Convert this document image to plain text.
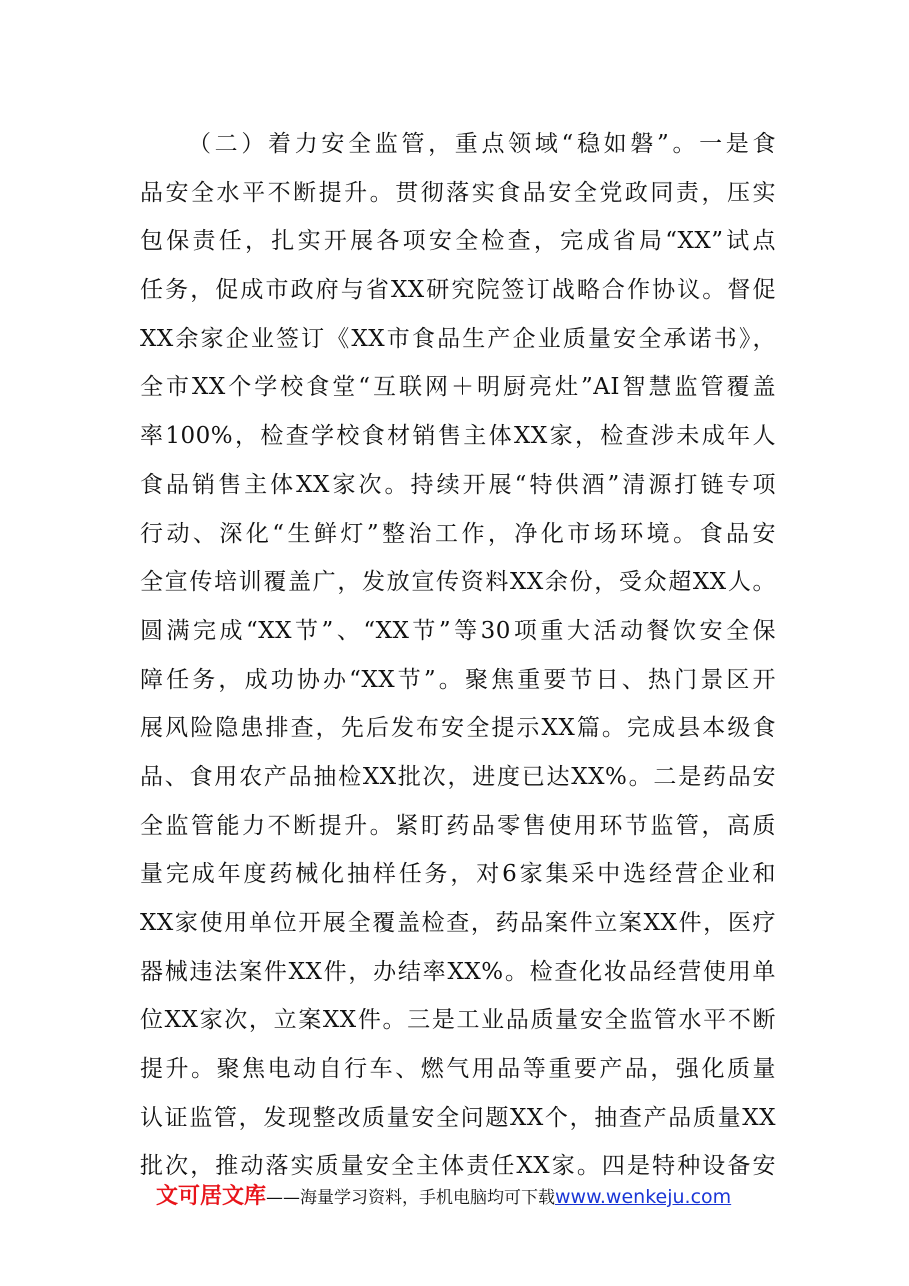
（二）着力安全监管，重点领域“稳如磐”。一是食
品安全水平不断提升。贯彻落实食品安全党政同责，压实
包保责任，扎实开展各项安全检查，完成省局“XX”试点
任务，促成市政府与省XX研究院签订战略合作协议。督促
XX余家企业签订《XX市食品生产企业质量安全承诺书》，
全市XX个学校食堂“互联网＋明厨亮灶”AI智慧监管覆盖
率100%，检查学校食材销售主体XX家，检查涉未成年人
食品销售主体XX家次。持续开展“特供酒”清源打链专项
行动、深化“生鲜灯”整治工作，净化市场环境。食品安
全宣传培训覆盖广，发放宣传资料XX余份，受众超XX人。
圆满完成“XX节”、“XX节”等30项重大活动餐饮安全保
障任务，成功协办“XX节”。聚焦重要节日、热门景区开
展风险隐患排查，先后发布安全提示XX篇。完成县本级食
品、食用农产品抽检XX批次，进度已达XX%。二是药品安
全监管能力不断提升。紧盯药品零售使用环节监管，高质
量完成年度药械化抽样任务，对6家集采中选经营企业和
XX家使用单位开展全覆盖检查，药品案件立案XX件，医疗
器械违法案件XX件，办结率XX%。检查化妆品经营使用单
位XX家次，立案XX件。三是工业品质量安全监管水平不断
提升。聚焦电动自行车、燃气用品等重要产品，强化质量
认证监管，发现整改质量安全问题XX个，抽查产品质量XX
批次，推动落实质量安全主体责任XX家。四是特种设备安
文可居文库——海量学习资料，手机电脑均可下载www.wenkeju.com
